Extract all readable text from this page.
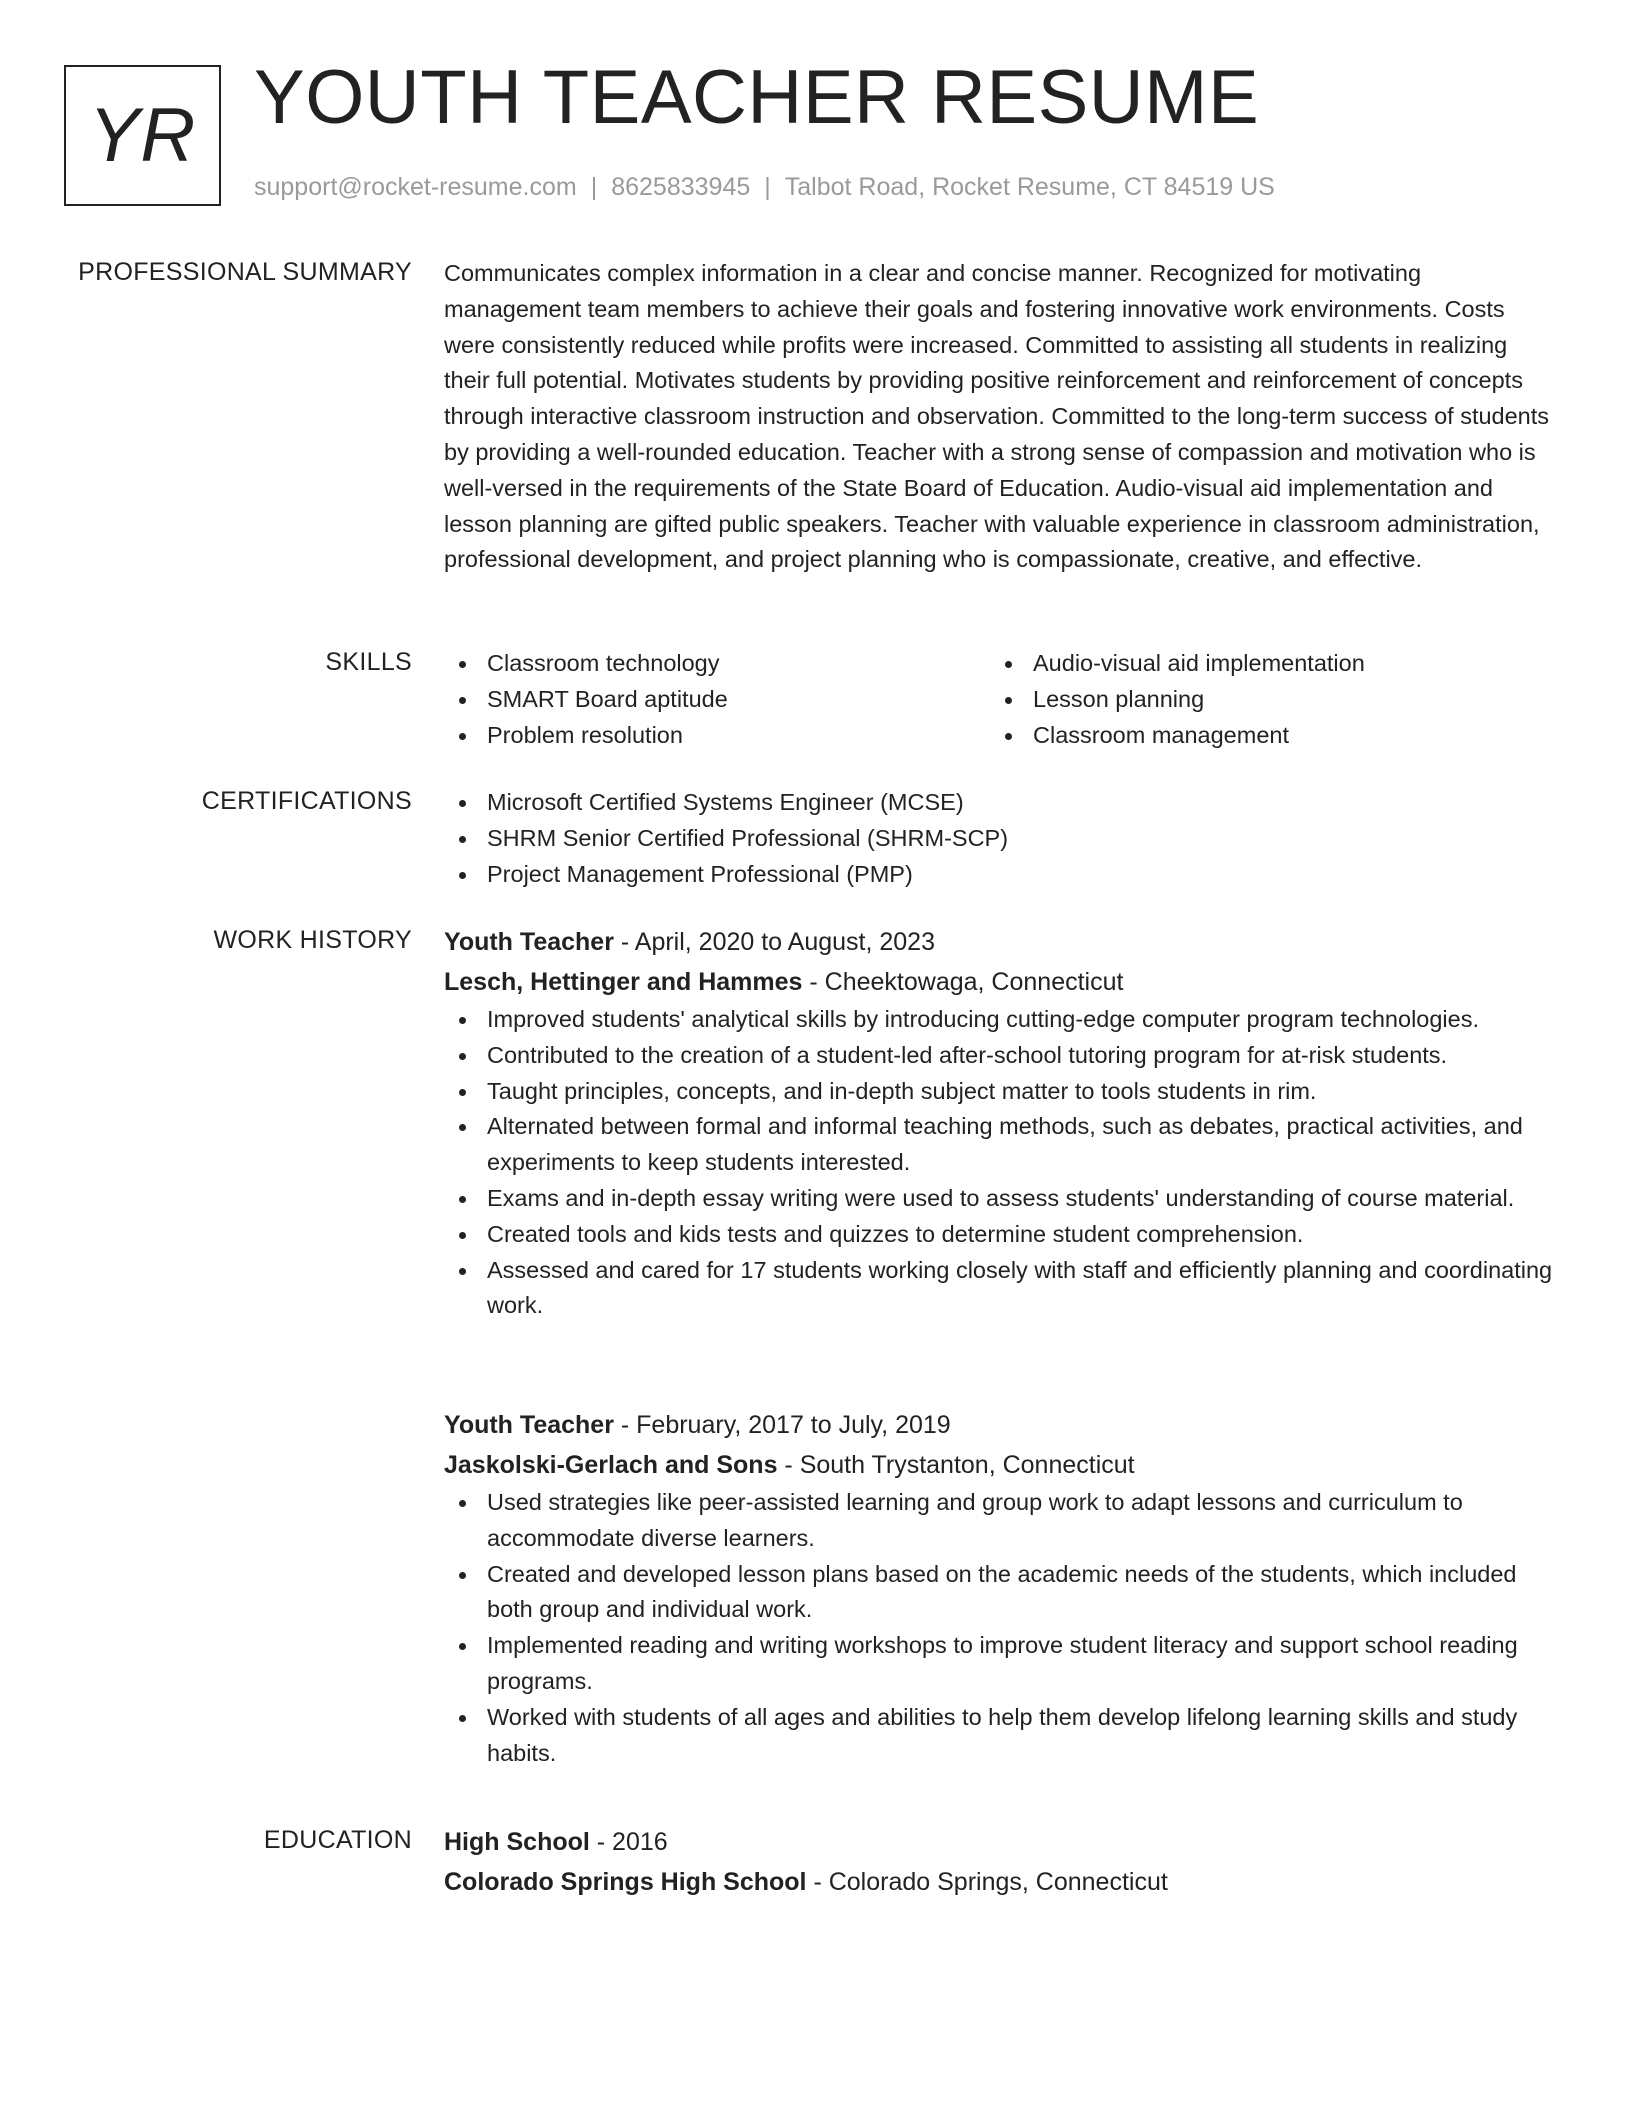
YR YOUTH TEACHER RESUME
support@rocket-resume.com | 8625833945 | Talbot Road, Rocket Resume, CT 84519 US
PROFESSIONAL SUMMARY Communicates complex information in a clear and concise manner. Recognized for motivating management team members to achieve their goals and fostering innovative work environments. Costs were consistently reduced while profits were increased. Committed to assisting all students in realizing their full potential. Motivates students by providing positive reinforcement and reinforcement of concepts through interactive classroom instruction and observation. Committed to the long-term success of students by providing a well-rounded education. Teacher with a strong sense of compassion and motivation who is well-versed in the requirements of the State Board of Education. Audio-visual aid implementation and lesson planning are gifted public speakers. Teacher with valuable experience in classroom administration, professional development, and project planning who is compassionate, creative, and effective.
SKILLS	Classroom technology	Audio-visual aid implementation
SMART Board aptitude	Lesson planning
Problem resolution	Classroom management
CERTIFICATIONS	Microsoft Certified Systems Engineer (MCSE)
SHRM Senior Certified Professional (SHRM-SCP)
Project Management Professional (PMP)
WORK HISTORY Youth Teacher - April, 2020 to August, 2023
Lesch, Hettinger and Hammes - Cheektowaga, Connecticut
Improved students' analytical skills by introducing cutting-edge computer program technologies.
Contributed to the creation of a student-led after-school tutoring program for at-risk students.
Taught principles, concepts, and in-depth subject matter to tools students in rim.
Alternated between formal and informal teaching methods, such as debates, practical activities, and experiments to keep students interested.
Exams and in-depth essay writing were used to assess students' understanding of course material.
Created tools and kids tests and quizzes to determine student comprehension.
Assessed and cared for 17 students working closely with staff and efficiently planning and coordinating work.
Youth Teacher - February, 2017 to July, 2019
Jaskolski-Gerlach and Sons - South Trystanton, Connecticut
Used strategies like peer-assisted learning and group work to adapt lessons and curriculum to accommodate diverse learners.
Created and developed lesson plans based on the academic needs of the students, which included both group and individual work.
Implemented reading and writing workshops to improve student literacy and support school reading programs.
Worked with students of all ages and abilities to help them develop lifelong learning skills and study habits.
EDUCATION High School - 2016
Colorado Springs High School - Colorado Springs, Connecticut
